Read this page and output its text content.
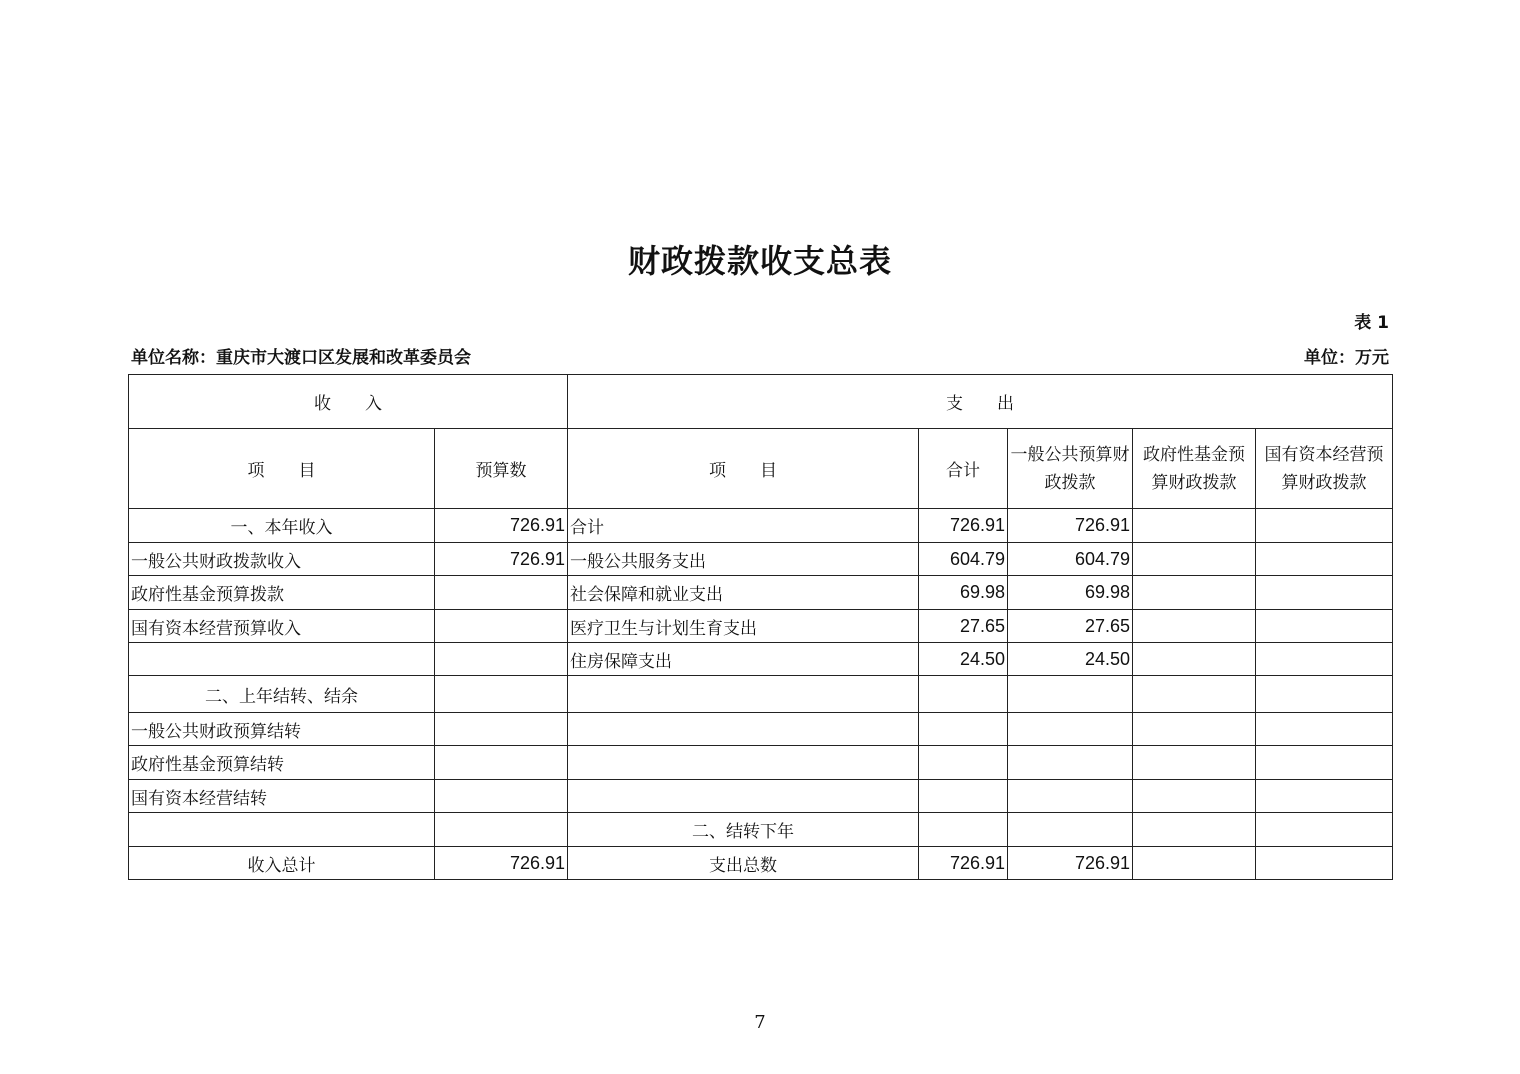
财政拨款收支总表
表 1
单位名称：重庆市大渡口区发展和改革委员会	单位：万元
收　　入		支　　出				
项　　目	预算数	项　　目	合计	一般公共预算财政拨款	政府性基金预算财政拨款	国有资本经营预算财政拨款
一、本年收入	726.91	合计	726.91	726.91		
一般公共财政拨款收入	726.91	一般公共服务支出	604.79	604.79		
政府性基金预算拨款		社会保障和就业支出	69.98	69.98		
国有资本经营预算收入		医疗卫生与计划生育支出	27.65	27.65		
		住房保障支出	24.50	24.50		
二、上年结转、结余						
一般公共财政预算结转						
政府性基金预算结转						
国有资本经营结转						
		二、结转下年				
收入总计	726.91	支出总数	726.91	726.91		
7
